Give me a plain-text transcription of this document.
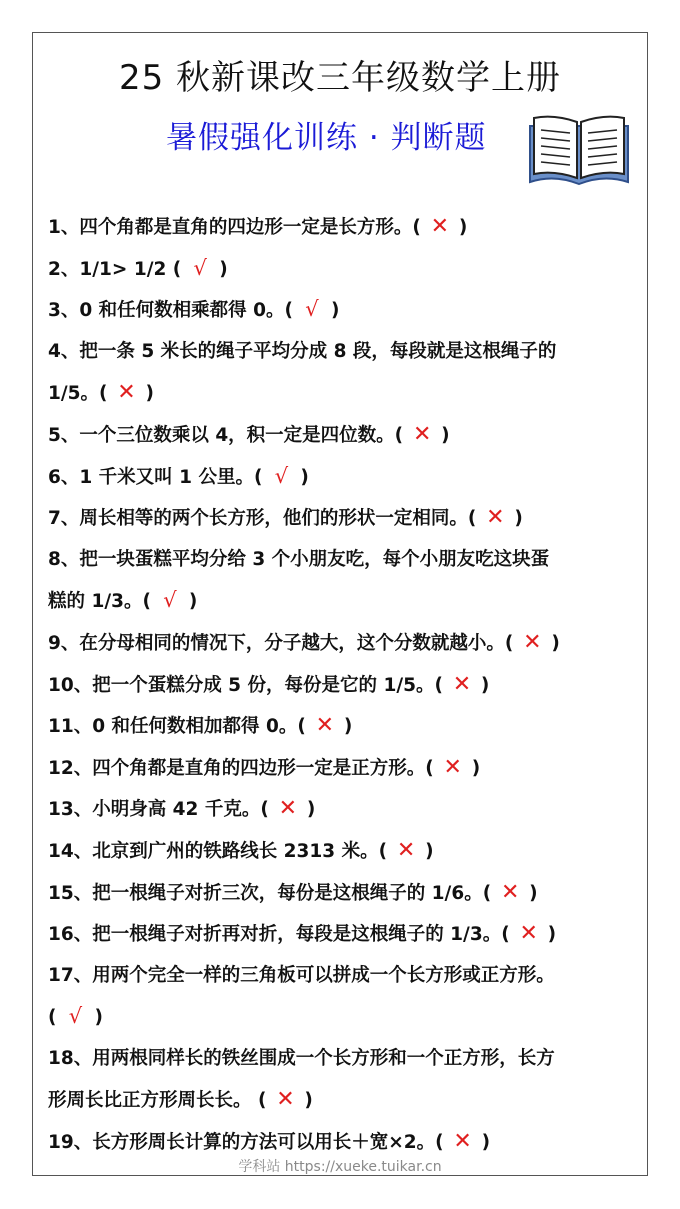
25 秋新课改三年级数学上册
暑假强化训练 · 判断题
1、四个角都是直角的四边形一定是长方形。( ✕ )
2、1/1> 1/2 ( √ )
3、0 和任何数相乘都得 0。( √ )
4、把一条 5 米长的绳子平均分成 8 段，每段就是这根绳子的
1/5。( ✕ )
5、一个三位数乘以 4，积一定是四位数。( ✕ )
6、1 千米又叫 1 公里。( √ )
7、周长相等的两个长方形，他们的形状一定相同。( ✕ )
8、把一块蛋糕平均分给 3 个小朋友吃，每个小朋友吃这块蛋
糕的 1/3。( √ )
9、在分母相同的情况下，分子越大，这个分数就越小。( ✕ )
10、把一个蛋糕分成 5 份，每份是它的 1/5。( ✕ )
11、0 和任何数相加都得 0。( ✕ )
12、四个角都是直角的四边形一定是正方形。( ✕ )
13、小明身高 42 千克。( ✕ )
14、北京到广州的铁路线长 2313 米。( ✕ )
15、把一根绳子对折三次，每份是这根绳子的 1/6。( ✕ )
16、把一根绳子对折再对折，每段是这根绳子的 1/3。( ✕ )
17、用两个完全一样的三角板可以拼成一个长方形或正方形。
( √ )
18、用两根同样长的铁丝围成一个长方形和一个正方形，长方
形周长比正方形周长长。 ( ✕ )
19、长方形周长计算的方法可以用长＋宽×2。( ✕ )
学科站 https://xueke.tuikar.cn
